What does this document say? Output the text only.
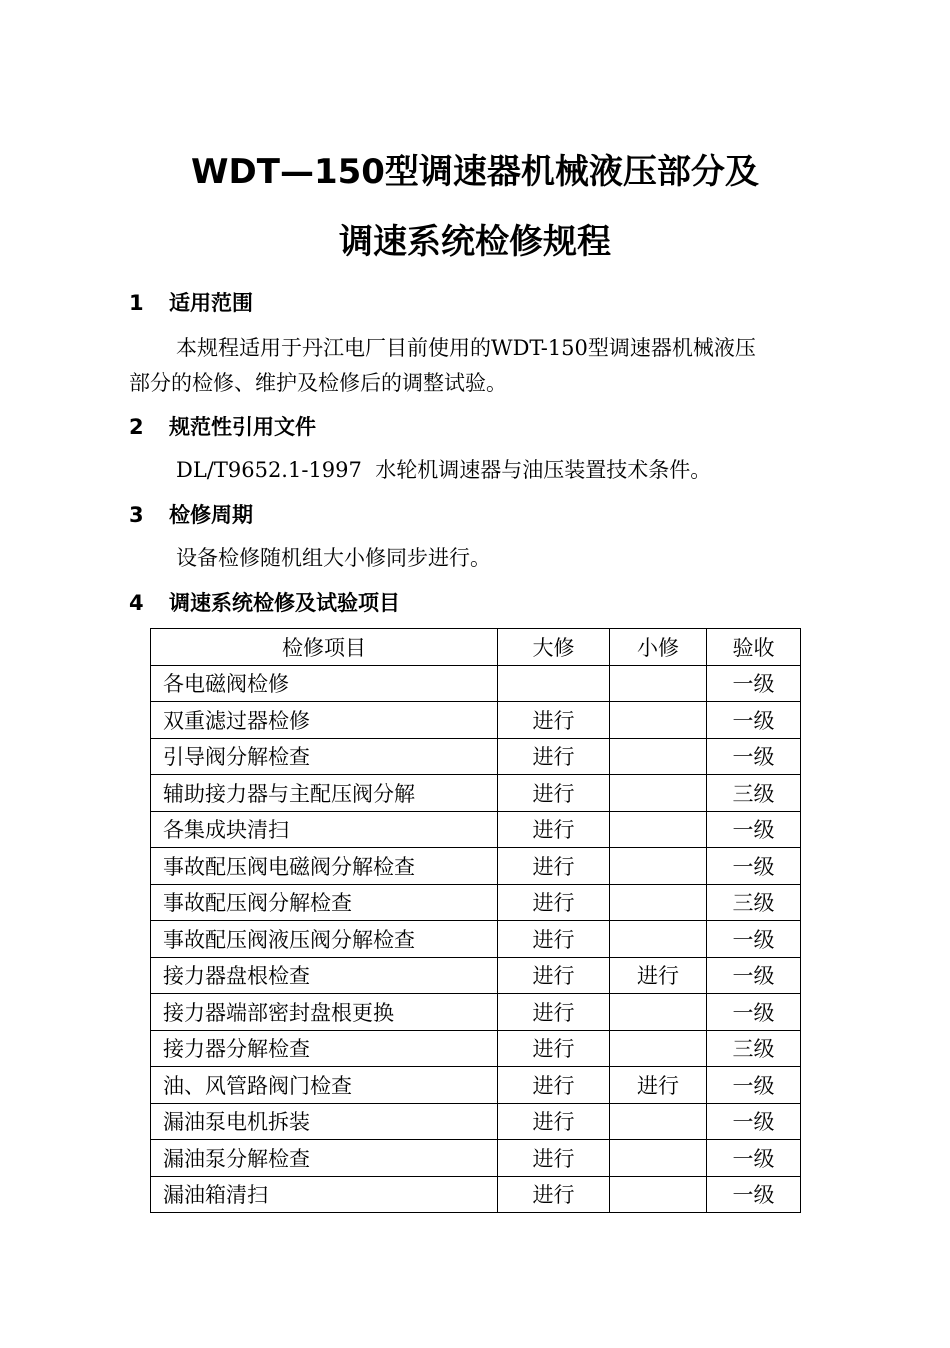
WDT—150型调速器机械液压部分及
调速系统检修规程
1 适用范围

本规程适用于丹江电厂目前使用的WDT-150型调速器机械液压

部分的检修、维护及检修后的调整试验。

2 规范性引用文件

DL/T9652.1-1997  水轮机调速器与油压装置技术条件。

3 检修周期

设备检修随机组大小修同步进行。

4 调速系统检修及试验项目
检修项目	大修	小修	验收
各电磁阀检修			一级
双重滤过器检修	进行		一级
引导阀分解检查	进行		一级
辅助接力器与主配压阀分解	进行		三级
各集成块清扫	进行		一级
事故配压阀电磁阀分解检查	进行		一级
事故配压阀分解检查	进行		三级
事故配压阀液压阀分解检查	进行		一级
接力器盘根检查	进行	进行	一级
接力器端部密封盘根更换	进行		一级
接力器分解检查	进行		三级
油、风管路阀门检查	进行	进行	一级
漏油泵电机拆装	进行		一级
漏油泵分解检查	进行		一级
漏油箱清扫	进行		一级
